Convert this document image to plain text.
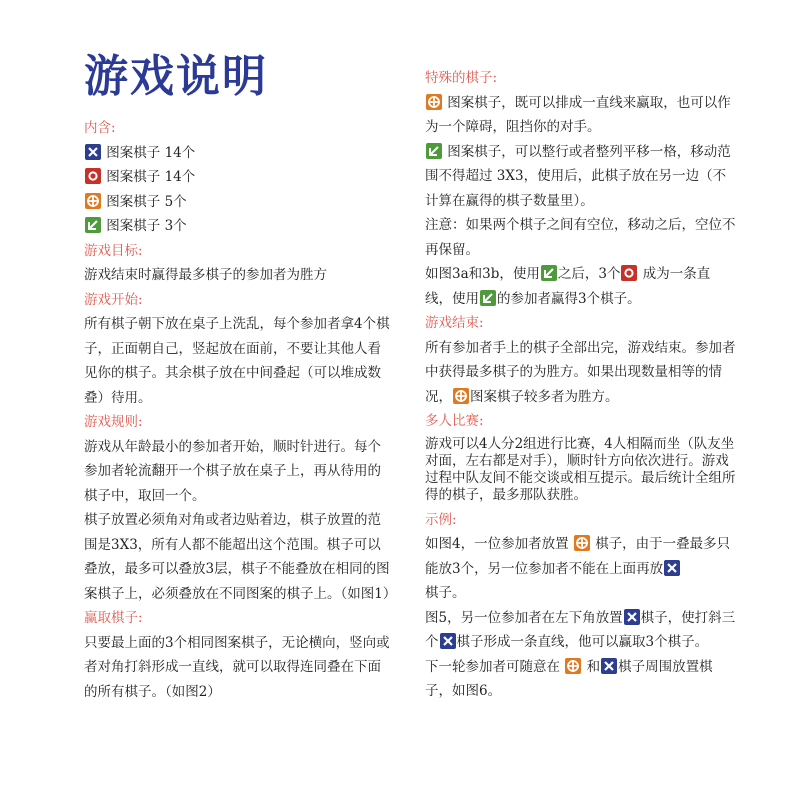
游戏说明
内含:
图案棋子 14个
图案棋子 14个
图案棋子 5个
图案棋子 3个
游戏目标:

游戏结束时赢得最多棋子的参加者为胜方

游戏开始:

所有棋子朝下放在桌子上洗乱，每个参加者拿4个棋子，正面朝自己，竖起放在面前，不要让其他人看见你的棋子。其余棋子放在中间叠起（可以堆成数叠）待用。

游戏规则:

游戏从年龄最小的参加者开始，顺时针进行。每个参加者轮流翻开一个棋子放在桌子上，再从待用的棋子中，取回一个。

棋子放置必须角对角或者边贴着边，棋子放置的范围是3X3，所有人都不能超出这个范围。棋子可以叠放，最多可以叠放3层，棋子不能叠放在相同的图案棋子上，必须叠放在不同图案的棋子上。（如图1）

赢取棋子:

只要最上面的3个相同图案棋子，无论横向，竖向或者对角打斜形成一直线，就可以取得连同叠在下面的所有棋子。（如图2）

特殊的棋子:

图案棋子，既可以排成一直线来赢取，也可以作为一个障碍，阻挡你的对手。

图案棋子，可以整行或者整列平移一格，移动范围不得超过 3X3，使用后，此棋子放在另一边（不计算在赢得的棋子数量里）。

注意：如果两个棋子之间有空位，移动之后，空位不再保留。

如图3a和3b，使用 之后，3个 成为一条直线，使用 的参加者赢得3个棋子。

游戏结束:

所有参加者手上的棋子全部出完，游戏结束。参加者中获得最多棋子的为胜方。如果出现数量相等的情况， 图案棋子较多者为胜方。

多人比赛:

游戏可以4人分2组进行比赛，4人相隔而坐（队友坐对面，左右都是对手），顺时针方向依次进行。游戏过程中队友间不能交谈或相互提示。最后统计全组所得的棋子，最多那队获胜。

示例:

如图4，一位参加者放置 棋子，由于一叠最多只能放3个，另一位参加者不能在上面再放

棋子。

图5，另一位参加者在左下角放置 棋子，使打斜三个 棋子形成一条直线，他可以赢取3个棋子。

下一轮参加者可随意在 和 棋子周围放置棋子，如图6。
